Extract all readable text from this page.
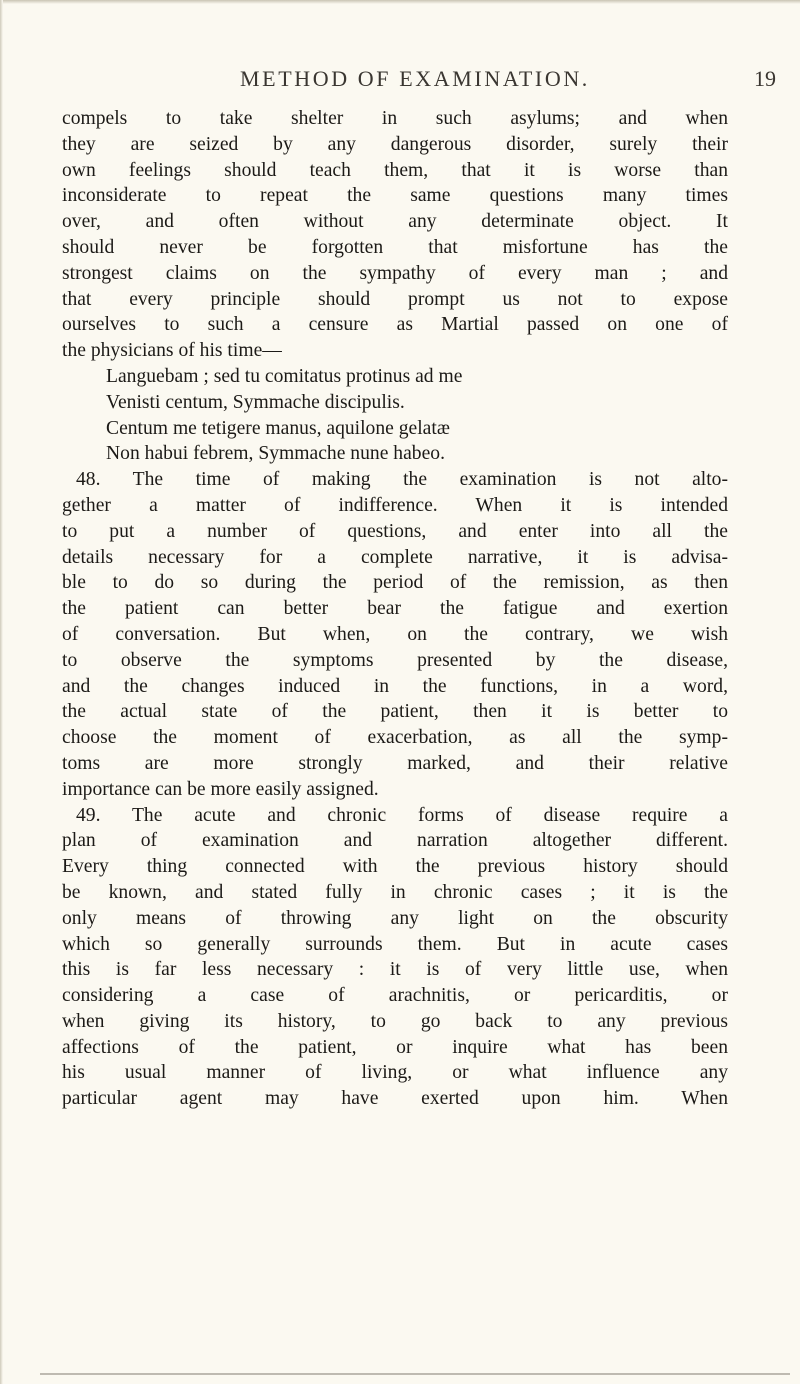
METHOD OF EXAMINATION.	19
compels to take shelter in such asylums; and when
they are seized by any dangerous disorder, surely their
own feelings should teach them, that it is worse than
inconsiderate to repeat the same questions many times
over, and often without any determinate object. It
should never be forgotten that misfortune has the
strongest claims on the sympathy of every man ; and
that every principle should prompt us not to expose
ourselves to such a censure as Martial passed on one of
the physicians of his time—
Languebam ; sed tu comitatus protinus ad me
Venisti centum, Symmache discipulis.
Centum me tetigere manus, aquilone gelatæ
Non habui febrem, Symmache nune habeo.
48. The time of making the examination is not alto-
gether a matter of indifference. When it is intended
to put a number of questions, and enter into all the
details necessary for a complete narrative, it is advisa-
ble to do so during the period of the remission, as then
the patient can better bear the fatigue and exertion
of conversation. But when, on the contrary, we wish
to observe the symptoms presented by the disease,
and the changes induced in the functions, in a word,
the actual state of the patient, then it is better to
choose the moment of exacerbation, as all the symp-
toms are more strongly marked, and their relative
importance can be more easily assigned.
49. The acute and chronic forms of disease require a
plan of examination and narration altogether different.
Every thing connected with the previous history should
be known, and stated fully in chronic cases ; it is the
only means of throwing any light on the obscurity
which so generally surrounds them. But in acute cases
this is far less necessary : it is of very little use, when
considering a case of arachnitis, or pericarditis, or
when giving its history, to go back to any previous
affections of the patient, or inquire what has been
his usual manner of living, or what influence any
particular agent may have exerted upon him. When
